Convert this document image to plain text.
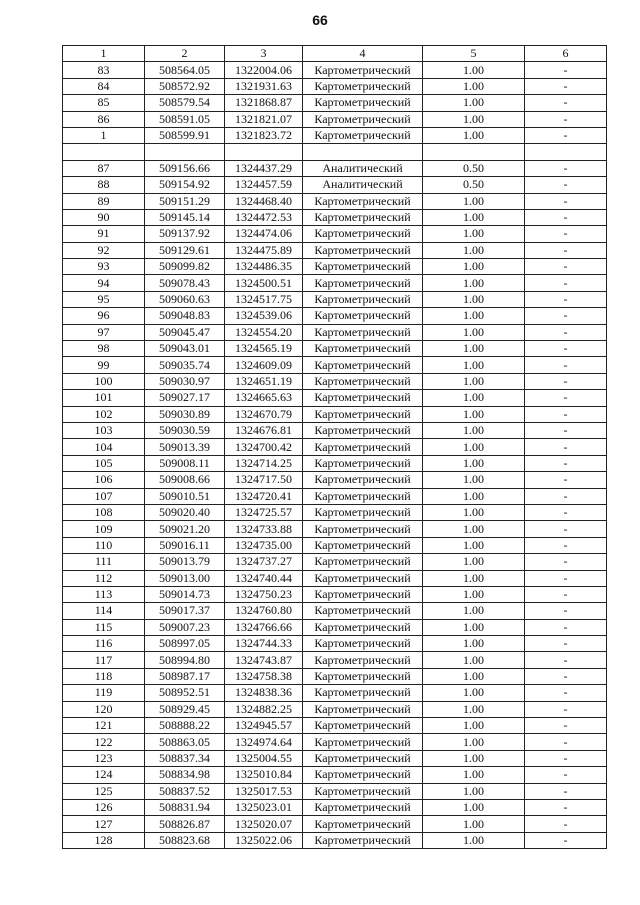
66
1	2	3	4	5	6
83	508564.05	1322004.06	Картометрический	1.00	-
84	508572.92	1321931.63	Картометрический	1.00	-
85	508579.54	1321868.87	Картометрический	1.00	-
86	508591.05	1321821.07	Картометрический	1.00	-
1	508599.91	1321823.72	Картометрический	1.00	-

87	509156.66	1324437.29	Аналитический	0.50	-
88	509154.92	1324457.59	Аналитический	0.50	-
89	509151.29	1324468.40	Картометрический	1.00	-
90	509145.14	1324472.53	Картометрический	1.00	-
91	509137.92	1324474.06	Картометрический	1.00	-
92	509129.61	1324475.89	Картометрический	1.00	-
93	509099.82	1324486.35	Картометрический	1.00	-
94	509078.43	1324500.51	Картометрический	1.00	-
95	509060.63	1324517.75	Картометрический	1.00	-
96	509048.83	1324539.06	Картометрический	1.00	-
97	509045.47	1324554.20	Картометрический	1.00	-
98	509043.01	1324565.19	Картометрический	1.00	-
99	509035.74	1324609.09	Картометрический	1.00	-
100	509030.97	1324651.19	Картометрический	1.00	-
101	509027.17	1324665.63	Картометрический	1.00	-
102	509030.89	1324670.79	Картометрический	1.00	-
103	509030.59	1324676.81	Картометрический	1.00	-
104	509013.39	1324700.42	Картометрический	1.00	-
105	509008.11	1324714.25	Картометрический	1.00	-
106	509008.66	1324717.50	Картометрический	1.00	-
107	509010.51	1324720.41	Картометрический	1.00	-
108	509020.40	1324725.57	Картометрический	1.00	-
109	509021.20	1324733.88	Картометрический	1.00	-
110	509016.11	1324735.00	Картометрический	1.00	-
111	509013.79	1324737.27	Картометрический	1.00	-
112	509013.00	1324740.44	Картометрический	1.00	-
113	509014.73	1324750.23	Картометрический	1.00	-
114	509017.37	1324760.80	Картометрический	1.00	-
115	509007.23	1324766.66	Картометрический	1.00	-
116	508997.05	1324744.33	Картометрический	1.00	-
117	508994.80	1324743.87	Картометрический	1.00	-
118	508987.17	1324758.38	Картометрический	1.00	-
119	508952.51	1324838.36	Картометрический	1.00	-
120	508929.45	1324882.25	Картометрический	1.00	-
121	508888.22	1324945.57	Картометрический	1.00	-
122	508863.05	1324974.64	Картометрический	1.00	-
123	508837.34	1325004.55	Картометрический	1.00	-
124	508834.98	1325010.84	Картометрический	1.00	-
125	508837.52	1325017.53	Картометрический	1.00	-
126	508831.94	1325023.01	Картометрический	1.00	-
127	508826.87	1325020.07	Картометрический	1.00	-
128	508823.68	1325022.06	Картометрический	1.00	-
